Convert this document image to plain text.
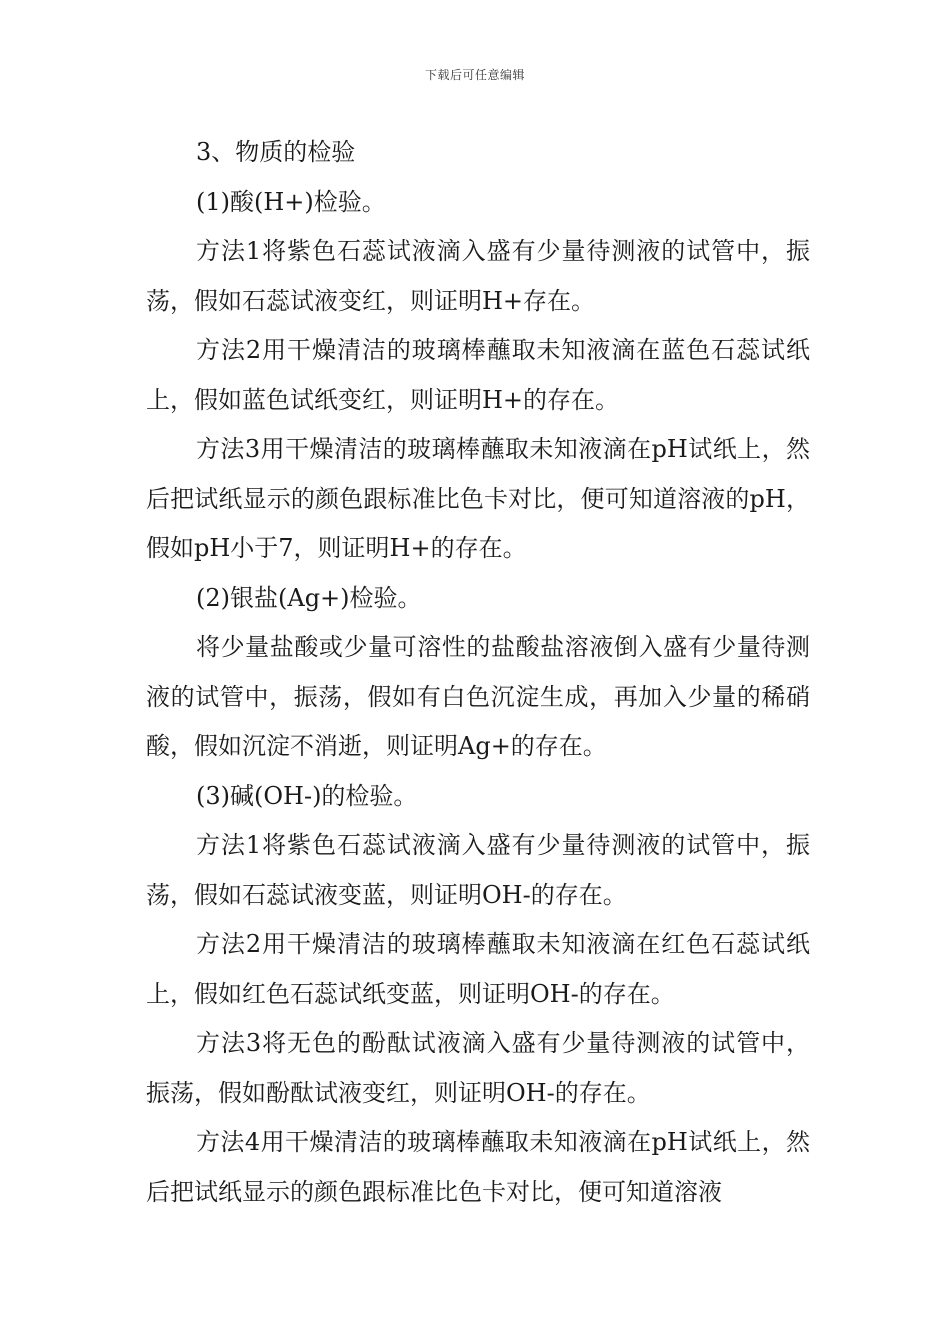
下载后可任意编辑

3、物质的检验

(1)酸(H+)检验。

方法1将紫色石蕊试液滴入盛有少量待测液的试管中，振荡，假如石蕊试液变红，则证明H+存在。

方法2用干燥清洁的玻璃棒蘸取未知液滴在蓝色石蕊试纸上，假如蓝色试纸变红，则证明H+的存在。

方法3用干燥清洁的玻璃棒蘸取未知液滴在pH试纸上，然后把试纸显示的颜色跟标准比色卡对比，便可知道溶液的pH，假如pH小于7，则证明H+的存在。

(2)银盐(Ag+)检验。

将少量盐酸或少量可溶性的盐酸盐溶液倒入盛有少量待测液的试管中，振荡，假如有白色沉淀生成，再加入少量的稀硝酸，假如沉淀不消逝，则证明Ag+的存在。

(3)碱(OH-)的检验。

方法1将紫色石蕊试液滴入盛有少量待测液的试管中，振荡，假如石蕊试液变蓝，则证明OH-的存在。

方法2用干燥清洁的玻璃棒蘸取未知液滴在红色石蕊试纸上，假如红色石蕊试纸变蓝，则证明OH-的存在。

方法3将无色的酚酞试液滴入盛有少量待测液的试管中，振荡，假如酚酞试液变红，则证明OH-的存在。

方法4用干燥清洁的玻璃棒蘸取未知液滴在pH试纸上，然后把试纸显示的颜色跟标准比色卡对比，便可知道溶液
